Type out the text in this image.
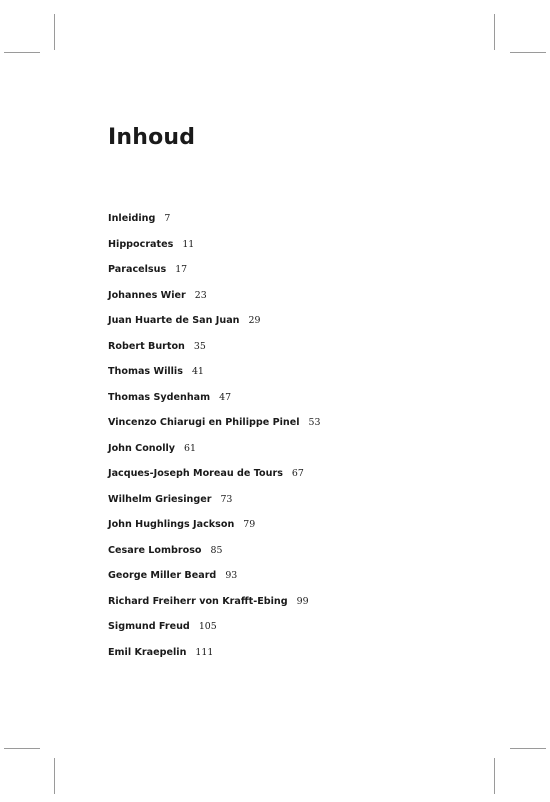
Inhoud
Inleiding 7
Hippocrates 11
Paracelsus 17
Johannes Wier 23
Juan Huarte de San Juan 29
Robert Burton 35
Thomas Willis 41
Thomas Sydenham 47
Vincenzo Chiarugi en Philippe Pinel 53
John Conolly 61
Jacques-Joseph Moreau de Tours 67
Wilhelm Griesinger 73
John Hughlings Jackson 79
Cesare Lombroso 85
George Miller Beard 93
Richard Freiherr von Krafft-Ebing 99
Sigmund Freud 105
Emil Kraepelin 111
